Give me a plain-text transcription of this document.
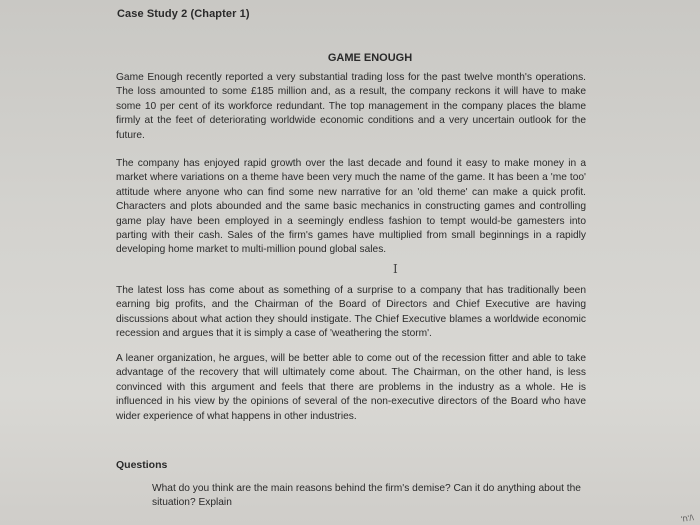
Case Study 2 (Chapter 1)
GAME ENOUGH

Game Enough recently reported a very substantial trading loss for the past twelve month's operations. The loss amounted to some £185 million and, as a result, the company reckons it will have to make some 10 per cent of its workforce redundant. The top management in the company places the blame firmly at the feet of deteriorating worldwide economic conditions and a very uncertain outlook for the future.

The company has enjoyed rapid growth over the last decade and found it easy to make money in a market where variations on a theme have been very much the name of the game. It has been a 'me too' attitude where anyone who can find some new narrative for an 'old theme' can make a quick profit. Characters and plots abounded and the same basic mechanics in constructing games and controlling game play have been employed in a seemingly endless fashion to tempt would-be gamesters into parting with their cash. Sales of the firm's games have multiplied from small beginnings in a rapidly developing home market to multi-million pound global sales.

The latest loss has come about as something of a surprise to a company that has traditionally been earning big profits, and the Chairman of the Board of Directors and Chief Executive are having discussions about what action they should instigate. The Chief Executive blames a worldwide economic recession and argues that it is simply a case of 'weathering the storm'.

A leaner organization, he argues, will be better able to come out of the recession fitter and able to take advantage of the recovery that will ultimately come about. The Chairman, on the other hand, is less convinced with this argument and feels that there are problems in the industry as a whole. He is influenced in his view by the opinions of several of the non-executive directors of the Board who have wider experience of what happens in other industries.

I
Questions
What do you think are the main reasons behind the firm's demise? Can it do anything about the situation? Explain
'ח'/\
